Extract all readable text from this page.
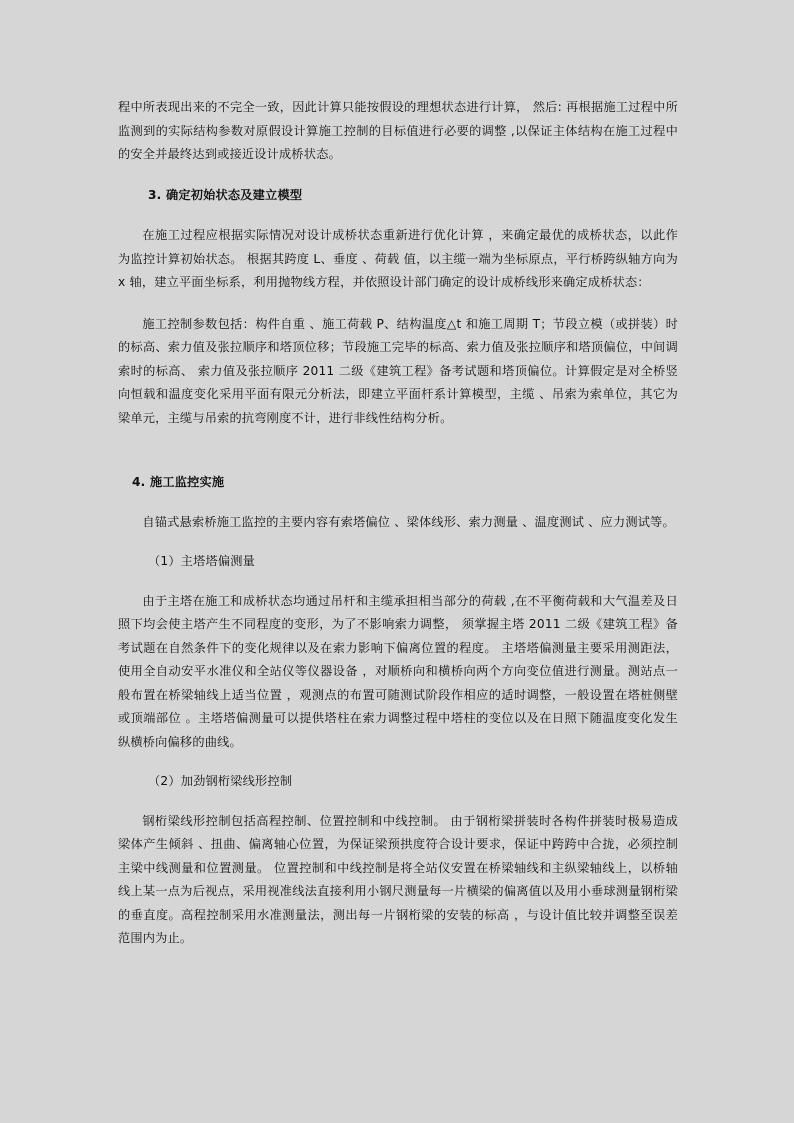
程中所表现出来的不完全一致，因此计算只能按假设的理想状态进行计算， 然后: 再根据施工过程中所监测到的实际结构参数对原假设计算施工控制的目标值进行必要的调整 ,以保证主体结构在施工过程中的安全并最终达到或接近设计成桥状态。

3. 确定初始状态及建立模型

在施工过程应根据实际情况对设计成桥状态重新进行优化计算 ，来确定最优的成桥状态，以此作为监控计算初始状态。 根据其跨度 L、垂度 、荷载 值，以主缆一端为坐标原点，平行桥跨纵轴方向为 x 轴，建立平面坐标系，利用抛物线方程，并依照设计部门确定的设计成桥线形来确定成桥状态：

施工控制参数包括：构件自重 、施工荷载 P、结构温度△t 和施工周期 T；节段立模（或拼装）时的标高、索力值及张拉顺序和塔顶位移；节段施工完毕的标高、索力值及张拉顺序和塔顶偏位，中间调索时的标高、 索力值及张拉顺序 2011 二级《建筑工程》备考试题和塔顶偏位。计算假定是对全桥竖向恒载和温度变化采用平面有限元分析法，即建立平面杆系计算模型，主缆 、吊索为索单位，其它为梁单元，主缆与吊索的抗弯刚度不计，进行非线性结构分析。

4. 施工监控实施

自锚式悬索桥施工监控的主要内容有索塔偏位 、梁体线形、索力测量 、温度测试 、应力测试等。

（1）主塔塔偏测量

由于主塔在施工和成桥状态均通过吊杆和主缆承担相当部分的荷载 ,在不平衡荷载和大气温差及日照下均会使主塔产生不同程度的变形，为了不影响索力调整， 须掌握主塔 2011 二级《建筑工程》备考试题在自然条件下的变化规律以及在索力影响下偏离位置的程度。 主塔塔偏测量主要采用测距法，使用全自动安平水准仪和全站仪等仪器设备 ，对顺桥向和横桥向两个方向变位值进行测量。测站点一般布置在桥梁轴线上适当位置 ，观测点的布置可随测试阶段作相应的适时调整，一般设置在塔桩侧壁或顶端部位 。主塔塔偏测量可以提供塔柱在索力调整过程中塔柱的变位以及在日照下随温度变化发生纵横桥向偏移的曲线。

（2）加劲钢桁梁线形控制

钢桁梁线形控制包括高程控制、位置控制和中线控制。 由于钢桁梁拼装时各构件拼装时极易造成梁体产生倾斜 、扭曲、偏离轴心位置，为保证梁预拱度符合设计要求，保证中跨跨中合拢，必须控制主梁中线测量和位置测量。 位置控制和中线控制是将全站仪安置在桥梁轴线和主纵梁轴线上，以桥轴线上某一点为后视点，采用视准线法直接利用小钢尺测量每一片横梁的偏离值以及用小垂球测量钢桁梁的垂直度。高程控制采用水准测量法，测出每一片钢桁梁的安装的标高 ，与设计值比较并调整至误差范围内为止。
